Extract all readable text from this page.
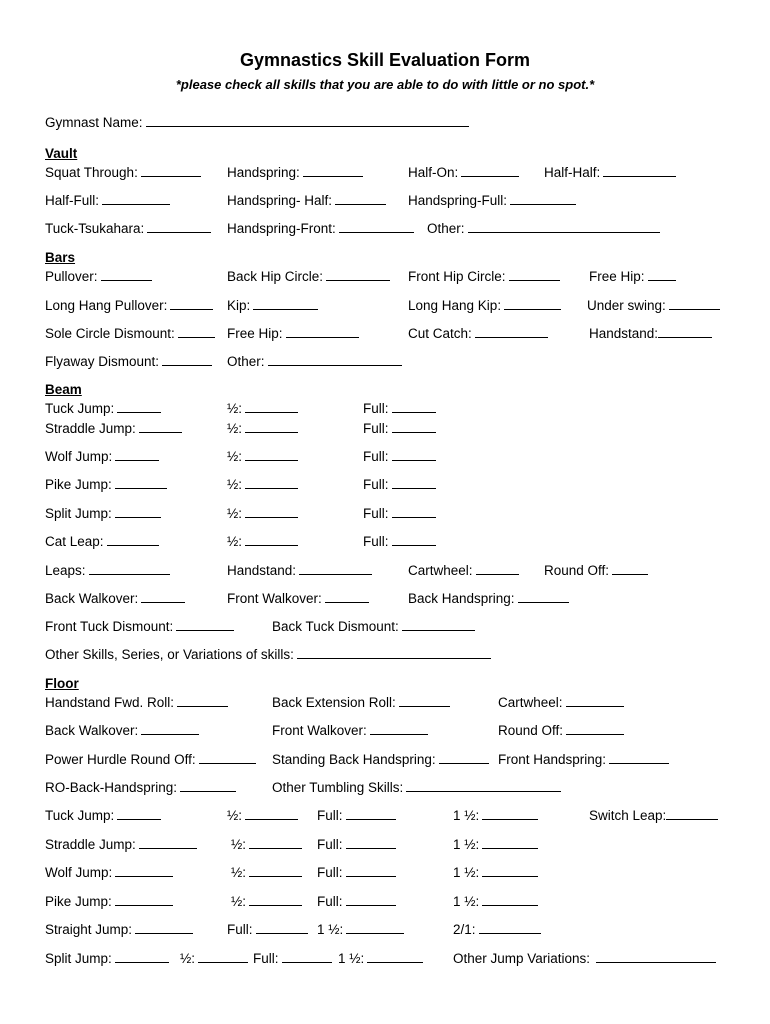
Gymnastics Skill Evaluation Form
*please check all skills that you are able to do with little or no spot.*
Gymnast Name:
Vault
Squat Through:	Handspring:	Half-On:	Half-Half:
Half-Full:	Handspring- Half:	Handspring-Full:
Tuck-Tsukahara:	Handspring-Front:	Other:
Bars
Pullover:	Back Hip Circle:	Front Hip Circle:	Free Hip:
Long Hang Pullover:	Kip:	Long Hang Kip:	Under swing:
Sole Circle Dismount:	Free Hip:	Cut Catch:	Handstand:
Flyaway Dismount:	Other:
Beam
Tuck Jump:	½:	Full:
Straddle Jump:	½:	Full:
Wolf Jump:	½:	Full:
Pike Jump:	½:	Full:
Split Jump:	½:	Full:
Cat Leap:	½:	Full:
Leaps:	Handstand:	Cartwheel:	Round Off:
Back Walkover:	Front Walkover:	Back Handspring:
Front Tuck Dismount:	Back Tuck Dismount:
Other Skills, Series, or Variations of skills:
Floor
Handstand Fwd. Roll:	Back Extension Roll:	Cartwheel:
Back Walkover:	Front Walkover:	Round Off:
Power Hurdle Round Off:	Standing Back Handspring:	Front Handspring:
RO-Back-Handspring:	Other Tumbling Skills:
Tuck Jump:	½:	Full:	1 ½:	Switch Leap:
Straddle Jump:	½:	Full:	1 ½:
Wolf Jump:	½:	Full:	1 ½:
Pike Jump:	½:	Full:	1 ½:
Straight Jump:	Full:	1 ½:	2/1:
Split Jump:	½:	Full:	1 ½:	Other Jump Variations:
